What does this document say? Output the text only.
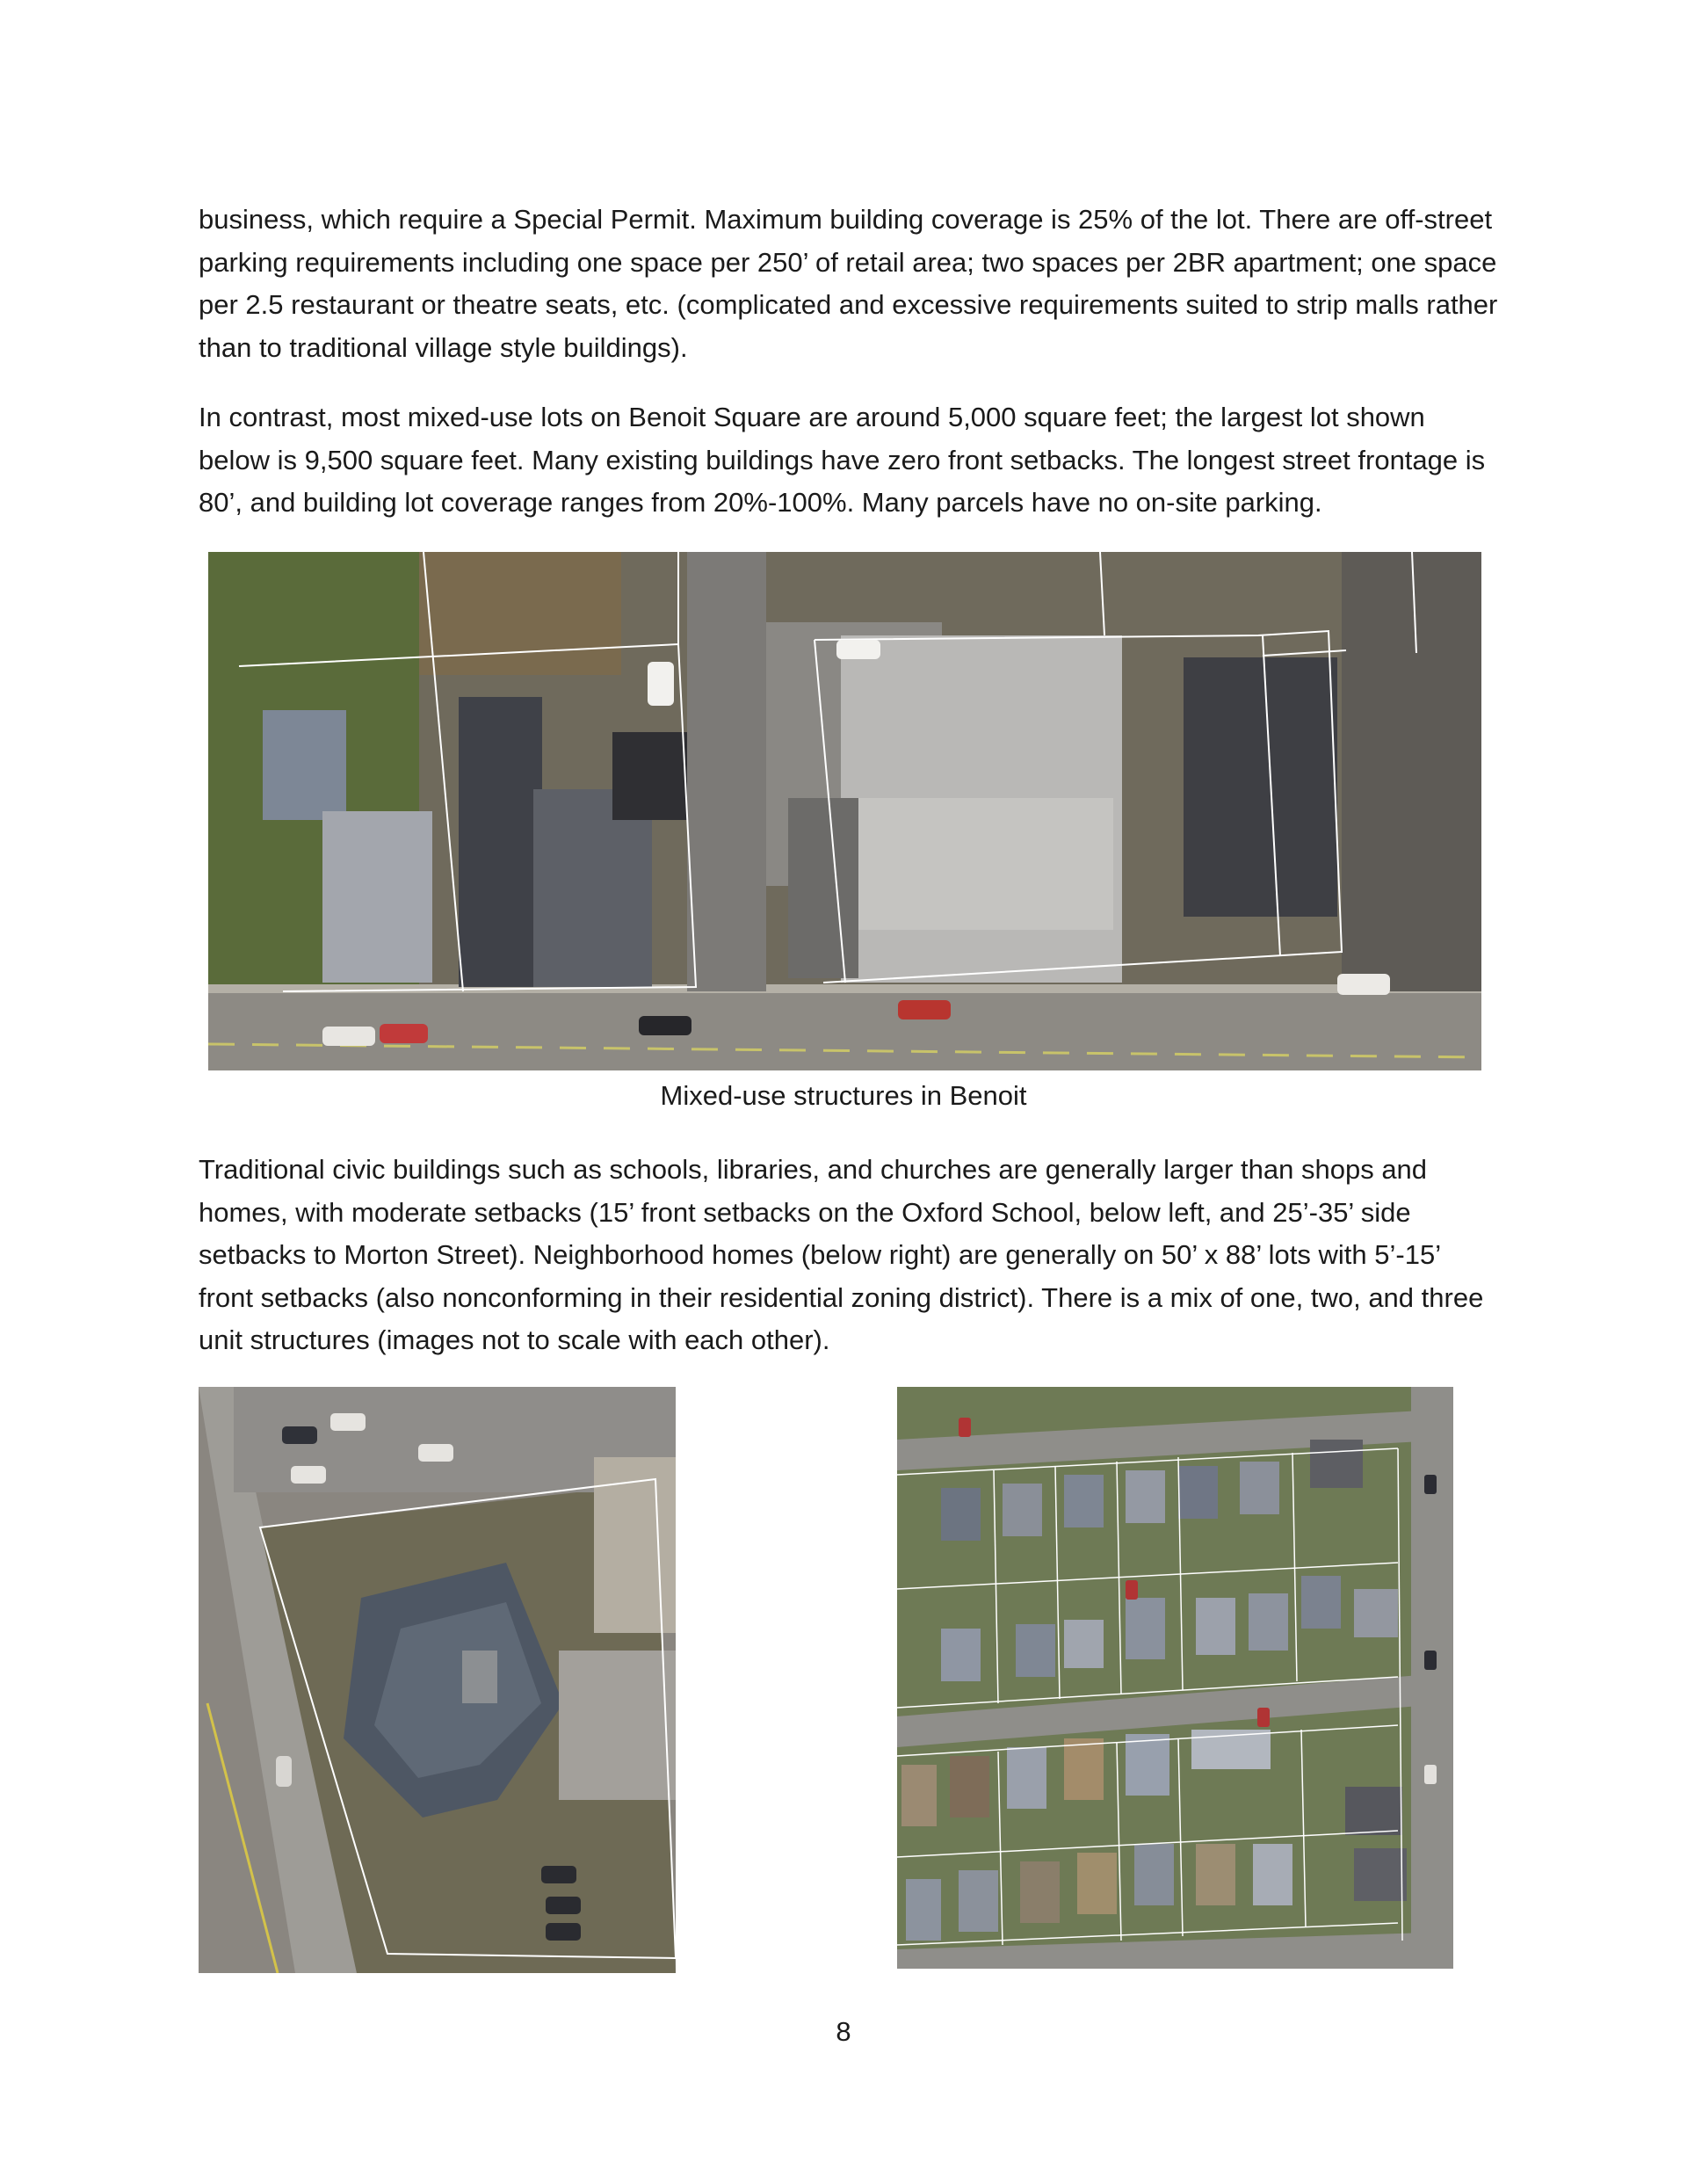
business, which require a Special Permit. Maximum building coverage is 25% of the lot. There are off-street parking requirements including one space per 250’ of retail area; two spaces per 2BR apartment; one space per 2.5 restaurant or theatre seats, etc. (complicated and excessive requirements suited to strip malls rather than to traditional village style buildings).

In contrast, most mixed-use lots on Benoit Square are around 5,000 square feet; the largest lot shown below is 9,500 square feet. Many existing buildings have zero front setbacks. The longest street frontage is 80’, and building lot coverage ranges from 20%-100%. Many parcels have no on-site parking.

Mixed-use structures in Benoit

Traditional civic buildings such as schools, libraries, and churches are generally larger than shops and homes, with moderate setbacks (15’ front setbacks on the Oxford School, below left, and 25’-35’ side setbacks to Morton Street). Neighborhood homes (below right) are generally on 50’ x 88’ lots with 5’-15’ front setbacks (also nonconforming in their residential zoning district). There is a mix of one, two, and three unit structures (images not to scale with each other).

8
